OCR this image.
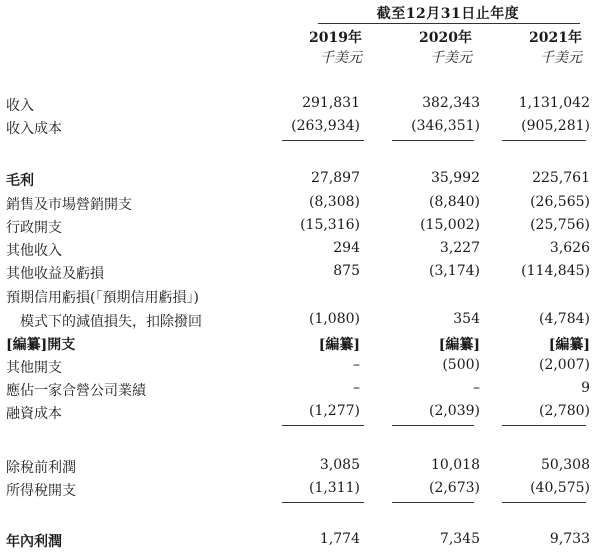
截至12月31日止年度
2019年	2020年	2021年
千美元	千美元	千美元
收入	291,831	382,343	1,131,042
收入成本	(263,934)	(346,351)	(905,281)
毛利	27,897	35,992	225,761
銷售及市場營銷開支	(8,308)	(8,840)	(26,565)
行政開支	(15,316)	(15,002)	(25,756)
其他收入	294	3,227	3,626
其他收益及虧損	875	(3,174)	(114,845)
預期信用虧損(「預期信用虧損」)
模式下的減值損失，扣除撥回	(1,080)	354	(4,784)
[編纂]開支	[編纂]	[編纂]	[編纂]
其他開支	–	(500)	(2,007)
應佔一家合營公司業績	–	–	9
融資成本	(1,277)	(2,039)	(2,780)
除稅前利潤	3,085	10,018	50,308
所得稅開支	(1,311)	(2,673)	(40,575)
年內利潤	1,774	7,345	9,733
